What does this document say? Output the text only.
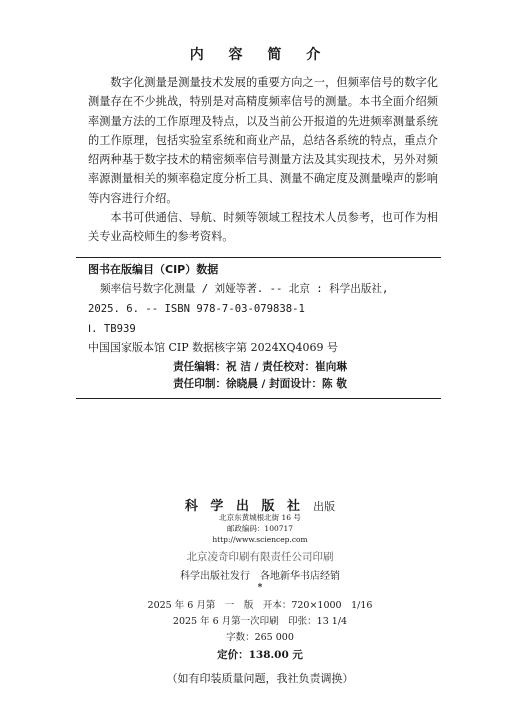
内 容 简 介

数字化测量是测量技术发展的重要方向之一，但频率信号的数字化测量存在不少挑战，特别是对高精度频率信号的测量。本书全面介绍频率测量方法的工作原理及特点，以及当前公开报道的先进频率测量系统的工作原理，包括实验室系统和商业产品，总结各系统的特点，重点介绍两种基于数字技术的精密频率信号测量方法及其实现技术，另外对频率源测量相关的频率稳定度分析工具、测量不确定度及测量噪声的影响等内容进行介绍。

本书可供通信、导航、时频等领域工程技术人员参考，也可作为相关专业高校师生的参考资料。

图书在版编目（CIP）数据
频率信号数字化测量 / 刘娅等著. -- 北京 : 科学出版社,
2025. 6. -- ISBN 978-7-03-079838-1
Ⅰ. TB939
中国国家版本馆 CIP 数据核字第 2024XQ4069 号
责任编辑：祝 洁 / 责任校对：崔向琳
责任印制：徐晓晨 / 封面设计：陈 敬
科 学 出 版 社 出版
北京东黄城根北街 16 号
邮政编码：100717
http://www.sciencep.com
北京凌奇印刷有限责任公司印刷
科学出版社发行　各地新华书店经销
*
2025 年 6 月第　一　版　开本：720×1000　1/16
2025 年 6 月第一次印刷　印张：13 1/4
字数：265 000
定价：138.00 元
（如有印装质量问题，我社负责调换）
